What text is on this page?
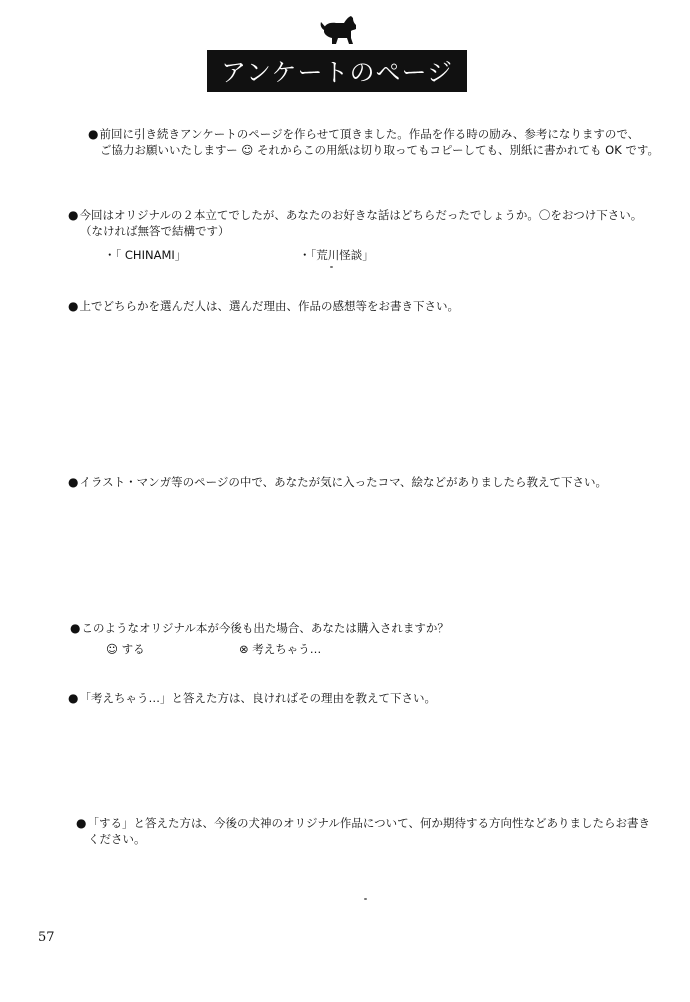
アンケートのページ
●前回に引き続きアンケートのページを作らせて頂きました。作品を作る時の励み、参考になりますので、
ご協力お願いいたしますー ☺ それからこの用紙は切り取ってもコピーしても、別紙に書かれても OK です。
●今回はオリジナルの２本立てでしたが、あなたのお好きな話はどちらだったでしょうか。〇をおつけ下さい。
（なければ無答で結構です）
・「 CHINAMI」	・「荒川怪談」
●上でどちらかを選んだ人は、選んだ理由、作品の感想等をお書き下さい。
●イラスト・マンガ等のページの中で、あなたが気に入ったコマ、絵などがありましたら教えて下さい。
●このようなオリジナル本が今後も出た場合、あなたは購入されますか？
☺ する	⊗ 考えちゃう…
●「考えちゃう…」と答えた方は、良ければその理由を教えて下さい。
●「する」と答えた方は、今後の犬神のオリジナル作品について、何か期待する方向性などありましたらお書き
ください。
57
